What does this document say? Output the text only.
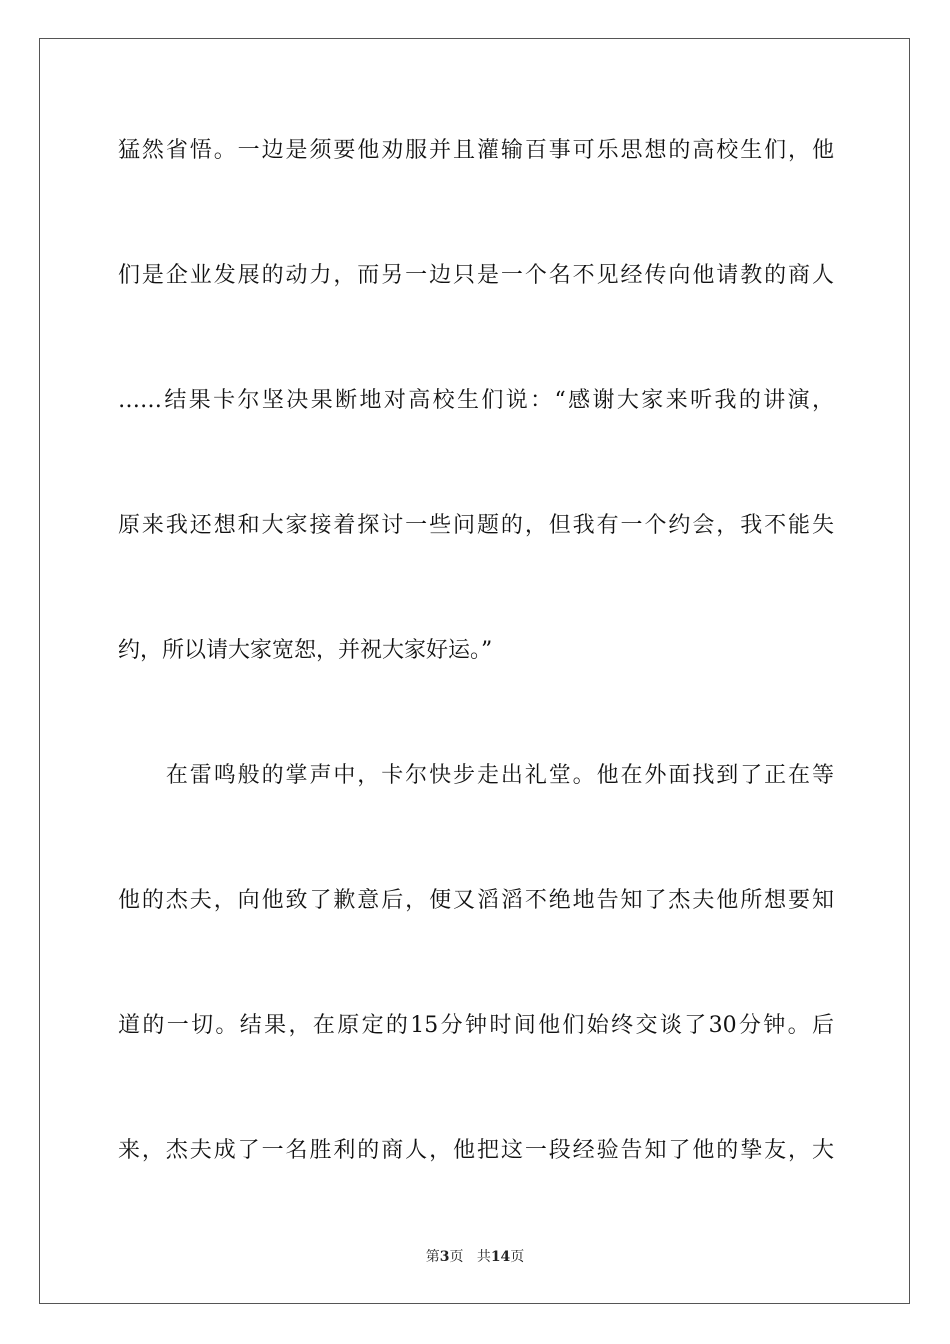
猛然省悟。一边是须要他劝服并且灌输百事可乐思想的高校生们，他
们是企业发展的动力，而另一边只是一个名不见经传向他请教的商人
……结果卡尔坚决果断地对高校生们说：“感谢大家来听我的讲演，
原来我还想和大家接着探讨一些问题的，但我有一个约会，我不能失
约，所以请大家宽恕，并祝大家好运。”
　　在雷鸣般的掌声中，卡尔快步走出礼堂。他在外面找到了正在等
他的杰夫，向他致了歉意后，便又滔滔不绝地告知了杰夫他所想要知
道的一切。结果，在原定的15分钟时间他们始终交谈了30分钟。后
来，杰夫成了一名胜利的商人，他把这一段经验告知了他的挚友，大
第3页 共14页
